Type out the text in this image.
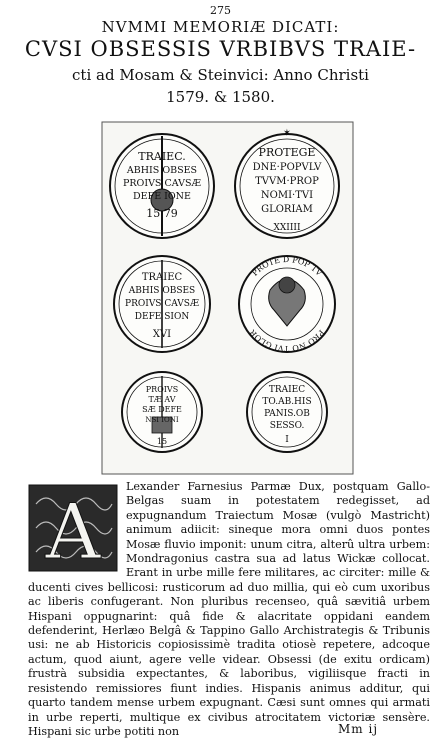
275
NVMMI MEMORIÆ DICATI:
CVSI OBSESSIS VRBIBVS TRAIE-
cti ad Mosam & Steinvici: Anno Christi
1579. & 1580.
TRAIEC.
ABHIS OBSES
PROIVS CAVSÆ
DEFE IONE
15 79
✶
PROTEGE
DNE·POPVLV
TVVM·PROP
NOMI·TVI
GLORIAM
XXIIII
TRAIEC
ABHIS OBSES
PROIVS CAVSÆ
DEFE SION
XVI
PROTE D POP TV
PRO NO TVI GLOR
PROIVS
TÆ AV
SÆ DEFE
NSI IONI
15
TRAIEC
TO.AB.HIS
PANIS.OB
SESSO.
I
A
Lexander Farnesius Parmæ Dux, postquam Gallo-Belgas suam in potestatem redegisset, ad expugnandum Traiectum Mosæ (vulgò Mastricht) animum adiicit: sineque mora omni duos pontes Mosæ fluvio imponit: unum citra, alterû ultra urbem: Mondragonius castra sua ad latus Wickæ collocat. Erant in urbe mille fere militares, ac circiter: mille & ducenti cives bellicosi: rusticorum ad duo millia, qui eò cum uxoribus ac liberis confugerant. Non pluribus recenseo, quâ sævitiâ urbem Hispani oppugnarint: quâ fide & alacritate oppidani eandem defenderint, Herlæo Belgâ & Tappino Gallo Archistrategis & Tribunis usi: ne ab Historicis copiosissimè tradita otiosè repetere, adcoque actum, quod aiunt, agere velle videar. Obsessi (de exitu ordicam) frustrà subsidia expectantes, & laboribus, vigiliisque fracti in resistendo remissiores fiunt indies. Hispanis animus additur, qui quarto tandem mense urbem expugnant. Cæsi sunt omnes qui armati in urbe reperti, multique ex civibus atrocitatem victoriæ sensère. Hispani sic urbe potiti non	Mm ij
